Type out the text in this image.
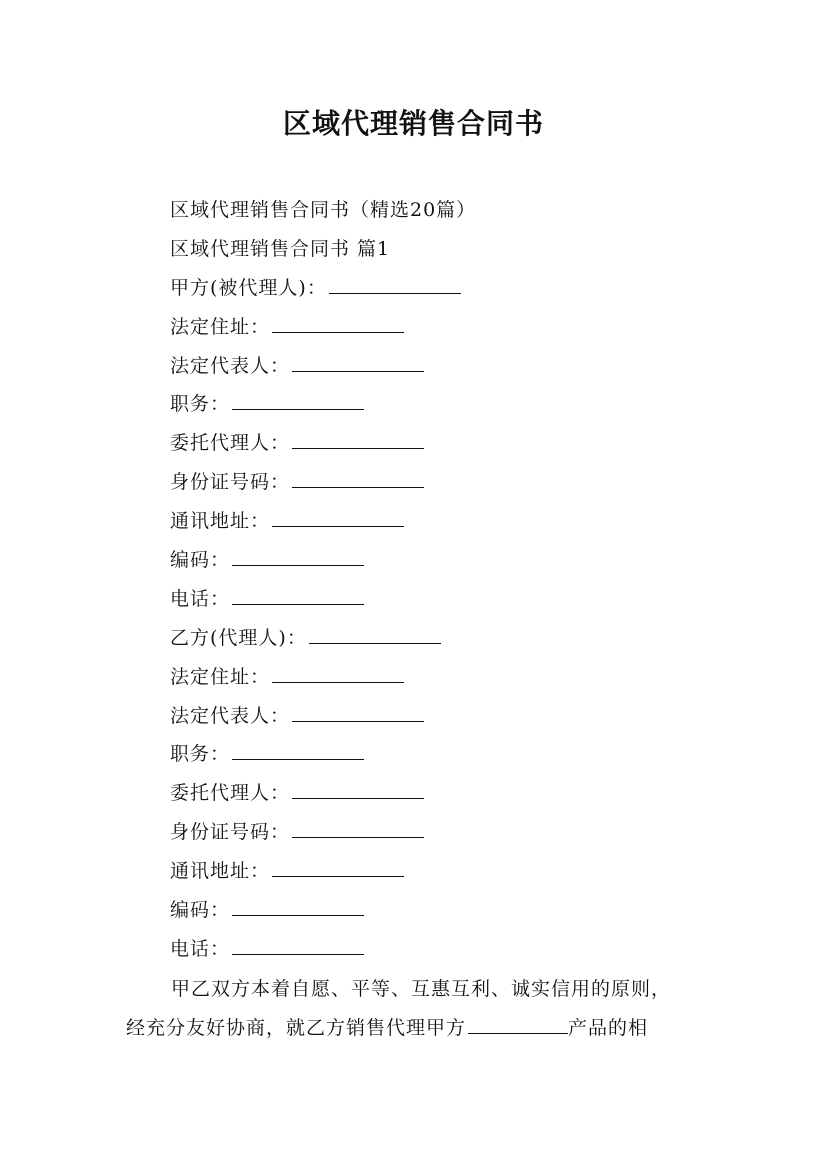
区域代理销售合同书
区域代理销售合同书（精选20篇）
区域代理销售合同书 篇1
甲方(被代理人)：
法定住址：
法定代表人：
职务：
委托代理人：
身份证号码：
通讯地址：
编码：
电话：
乙方(代理人)：
法定住址：
法定代表人：
职务：
委托代理人：
身份证号码：
通讯地址：
编码：
电话：
甲乙双方本着自愿、平等、互惠互利、诚实信用的原则，
经充分友好协商，就乙方销售代理甲方	产品的相
